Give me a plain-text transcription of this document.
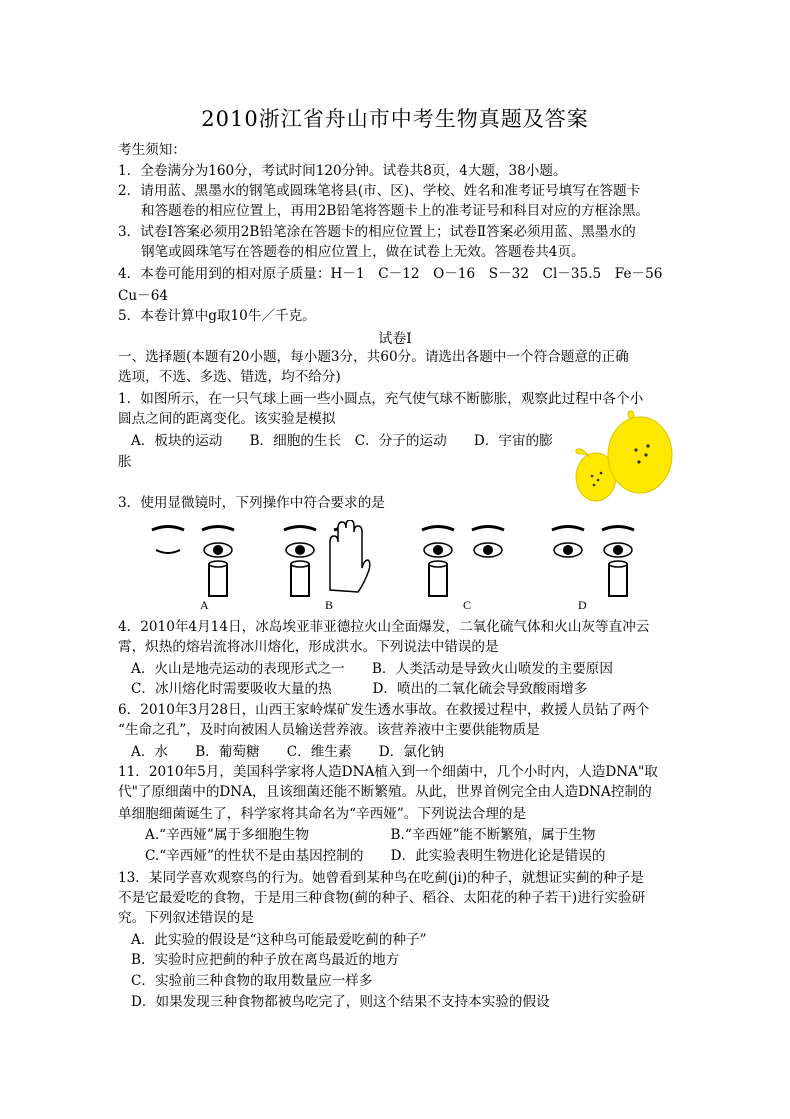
2010浙江省舟山市中考生物真题及答案
考生须知：
1．全卷满分为160分，考试时间120分钟。试卷共8页，4大题，38小题。
2．请用蓝、黑墨水的钢笔或圆珠笔将县(市、区)、学校、姓名和准考证号填写在答题卡
和答题卷的相应位置上，再用2B铅笔将答题卡上的准考证号和科目对应的方框涂黑。
3．试卷Ⅰ答案必须用2B铅笔涂在答题卡的相应位置上；试卷Ⅱ答案必须用蓝、黑墨水的
钢笔或圆珠笔写在答题卷的相应位置上，做在试卷上无效。答题卷共4页。
4．本卷可能用到的相对原子质量：H－1　C－12　O－16　S－32　Cl－35.5　Fe－56
Cu－64
5．本卷计算中g取10牛／千克。
试卷Ⅰ
一、选择题(本题有20小题，每小题3分，共60分。请选出各题中一个符合题意的正确
选项，不选、多选、错选，均不给分)
1．如图所示，在一只气球上画一些小圆点，充气使气球不断膨胀，观察此过程中各个小
圆点之间的距离变化。该实验是模拟
A．板块的运动　　B．细胞的生长　C．分子的运动　　D．宇宙的膨
胀
3．使用显微镜时，下列操作中符合要求的是
A	B	C	D
4．2010年4月14日，冰岛埃亚菲亚德拉火山全面爆发，二氧化硫气体和火山灰等直冲云
霄，炽热的熔岩流将冰川熔化，形成洪水。下列说法中错误的是
A．火山是地壳运动的表现形式之一　　B．人类活动是导致火山喷发的主要原因
C．冰川熔化时需要吸收大量的热　　　D．喷出的二氧化硫会导致酸雨增多
6．2010年3月28日，山西王家岭煤矿发生透水事故。在救援过程中，救援人员钻了两个
“生命之孔”，及时向被困人员输送营养液。该营养液中主要供能物质是
A．水　　B．葡萄糖　　C．维生素　　D．氯化钠
11．2010年5月，美国科学家将人造DNA植入到一个细菌中，几个小时内，人造DNA"取
代"了原细菌中的DNA，且该细菌还能不断繁殖。从此，世界首例完全由人造DNA控制的
单细胞细菌诞生了，科学家将其命名为“辛西娅”。下列说法合理的是
A.“辛西娅”属于多细胞生物　　　　　　B.“辛西娅”能不断繁殖，属于生物
C.“辛西娅”的性状不是由基因控制的　　D．此实验表明生物进化论是错误的
13．某同学喜欢观察鸟的行为。她曾看到某种鸟在吃蓟(ji)的种子，就想证实蓟的种子是
不是它最爱吃的食物，于是用三种食物(蓟的种子、稻谷、太阳花的种子若干)进行实验研
究。下列叙述错误的是
A．此实验的假设是“这种鸟可能最爱吃蓟的种子”
B．实验时应把蓟的种子放在离鸟最近的地方
C．实验前三种食物的取用数量应一样多
D．如果发现三种食物都被鸟吃完了，则这个结果不支持本实验的假设
